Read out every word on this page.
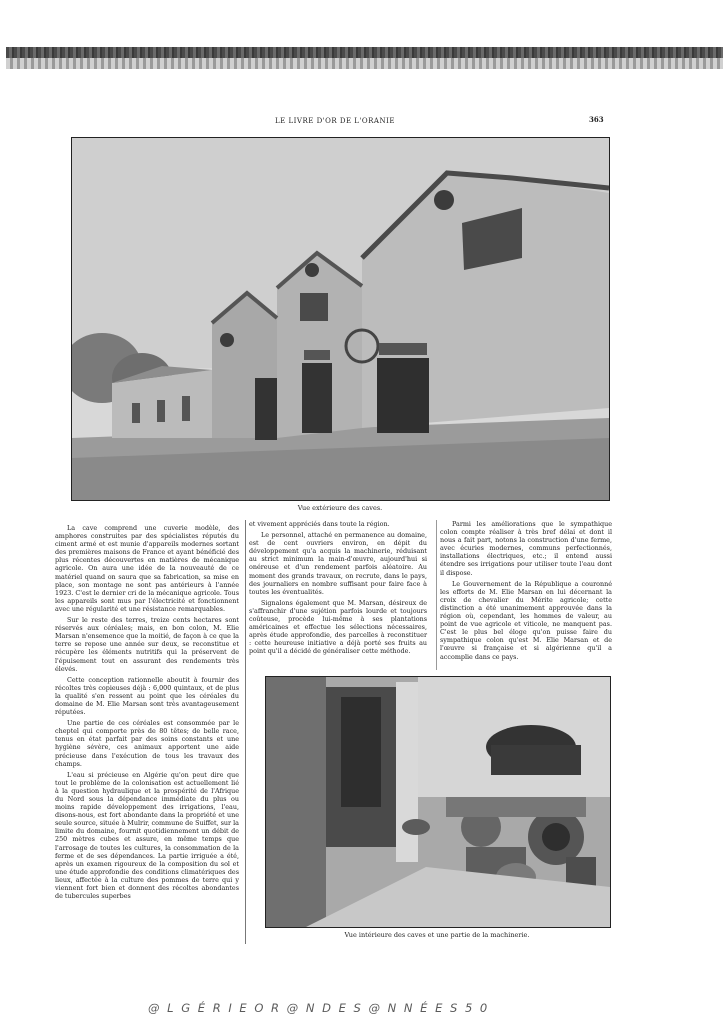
LE LIVRE D'OR DE L'ORANIE	363
Vue extérieure des caves.

La cave comprend une cuverie modèle, des amphores construites par des spécialistes réputés du ciment armé et est munie d'appareils modernes sortant des premières maisons de France et ayant bénéficié des plus récentes découvertes en matières de mécanique agricole. On aura une idée de la nouveauté de ce matériel quand on saura que sa fabrication, sa mise en place, son montage ne sont pas antérieurs à l'année 1923. C'est le dernier cri de la mécanique agricole. Tous les appareils sont mus par l'électricité et fonctionnent avec une régularité et une résistance remarquables.

Sur le reste des terres, treize cents hectares sont réservés aux céréales; mais, en bon colon, M. Elie Marsan n'ensemence que la moitié, de façon à ce que la terre se repose une année sur deux, se reconstitue et récupère les éléments nutritifs qui la préservent de l'épuisement tout en assurant des rendements très élevés.

Cette conception rationnelle aboutit à fournir des récoltes très copieuses déjà : 6,000 quintaux, et de plus la qualité s'en ressent au point que les céréales du domaine de M. Elie Marsan sont très avantageusement réputées.

Une partie de ces céréales est consommée par le cheptel qui comporte près de 80 têtes; de belle race, tenus en état parfait par des soins constants et une hygiène sévère, ces animaux apportent une aide précieuse dans l'exécution de tous les travaux des champs.

L'eau si précieuse en Algérie qu'on peut dire que tout le problème de la colonisation est actuellement lié à la question hydraulique et la prospérité de l'Afrique du Nord sous la dépendance immédiate du plus ou moins rapide développement des irrigations, l'eau, disons-nous, est fort abondante dans la propriété et une seule source, située à Mulrir, commune de Suiffet, sur la limite du domaine, fournit quotidiennement un débit de 250 mètres cubes et assure, en même temps que l'arrosage de toutes les cultures, la consommation de la ferme et de ses dépendances. La partie irriguée a été, après un examen rigoureux de la composition du sol et une étude approfondie des conditions climatériques des lieux, affectée à la culture des pommes de terre qui y viennent fort bien et donnent des récoltes abondantes de tubercules superbes

et vivement appréciés dans toute la région.

Le personnel, attaché en permanence au domaine, est de cent ouvriers environ, en dépit du développement qu'a acquis la machinerie, réduisant au strict minimum la main-d'œuvre, aujourd'hui si onéreuse et d'un rendement parfois aléatoire. Au moment des grands travaux, on recrute, dans le pays, des journaliers en nombre suffisant pour faire face à toutes les éventualités.

Signalons également que M. Marsan, désireux de s'affranchir d'une sujétion parfois lourde et toujours coûteuse, procède lui-même à ses plantations américaines et effectue les sélections nécessaires, après étude approfondie, des parcelles à reconstituer : cette heureuse initiative a déjà porté ses fruits au point qu'il a décidé de généraliser cette méthode.

Parmi les améliorations que le sympathique colon compte réaliser à très bref délai et dont il nous a fait part, notons la construction d'une ferme, avec écuries modernes, communs perfectionnés, installations électriques, etc.; il entend aussi étendre ses irrigations pour utiliser toute l'eau dont il dispose.

Le Gouvernement de la République a couronné les efforts de M. Elie Marsan en lui décernant la croix de chevalier du Mérite agricole; cette distinction a été unanimement approuvée dans la région où, cependant, les hommes de valeur, au point de vue agricole et viticole, ne manquent pas. C'est le plus bel éloge qu'on puisse faire du sympathique colon qu'est M. Elie Marsan et de l'œuvre si française et si algérienne qu'il a accomplie dans ce pays.

Vue intérieure des caves et une partie de la machinerie.
@ L G É R I E O R @ N D E S @ N N É E S 5 0
